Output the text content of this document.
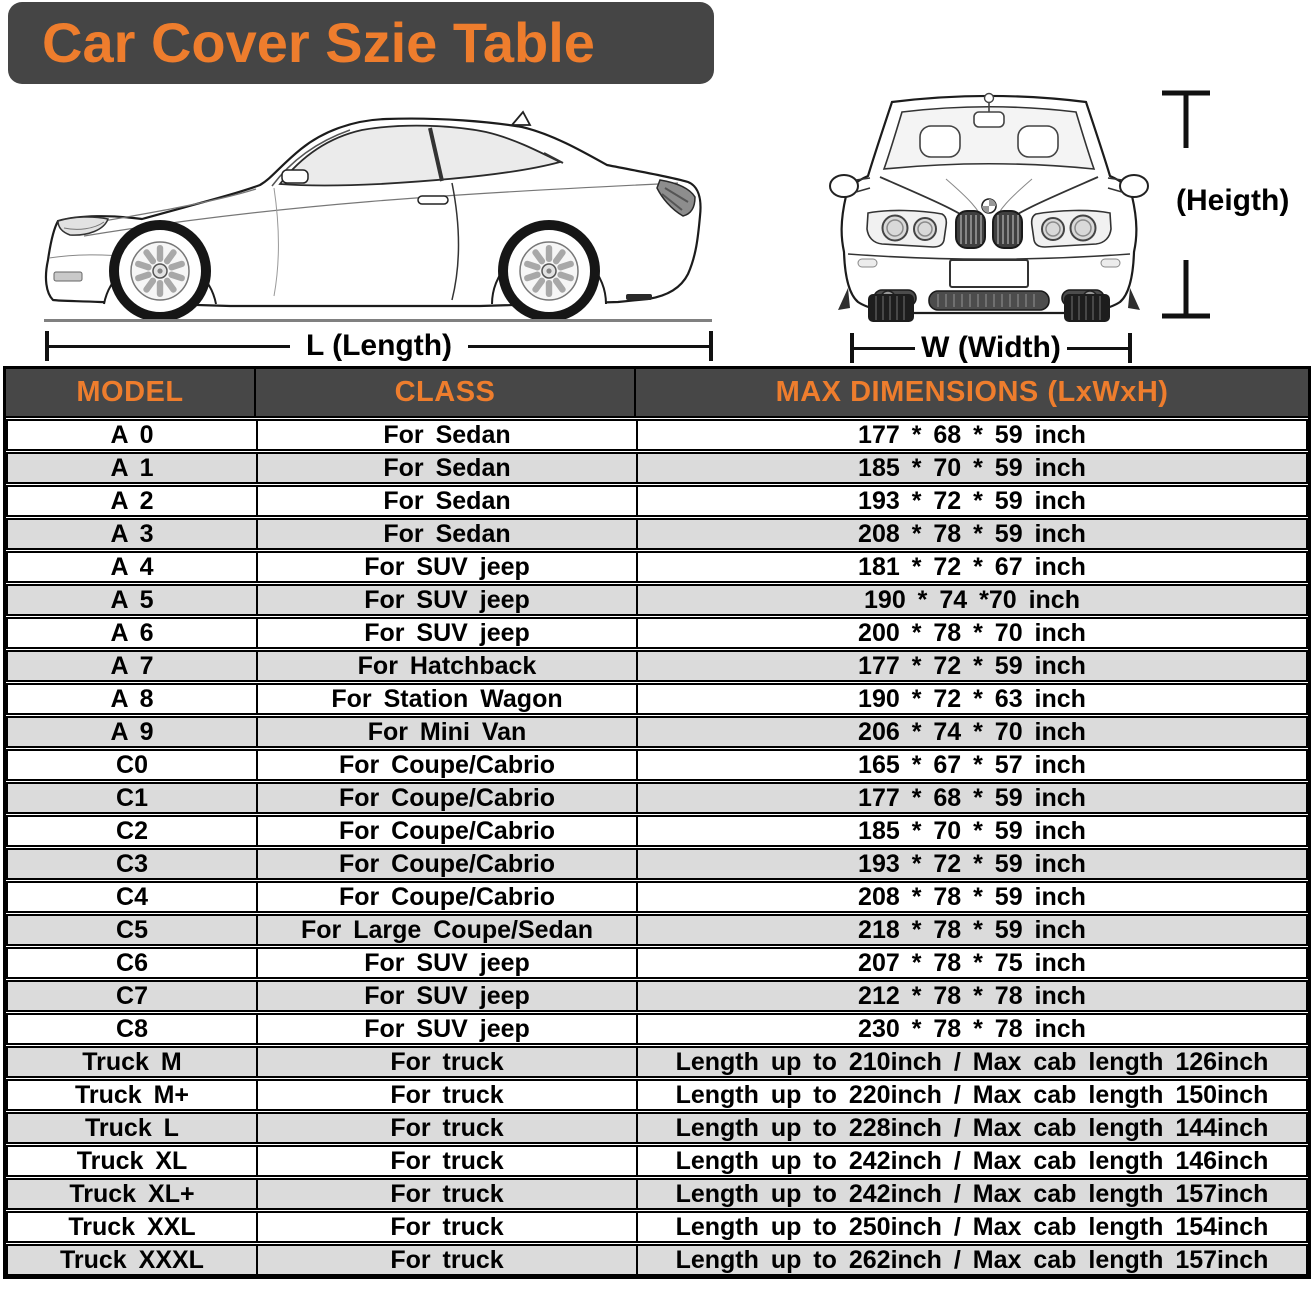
Car Cover Szie Table
L (Length)	W (Width)
(Heigth)
MODEL	CLASS	MAX DIMENSIONS (LxWxH)
A 0	For Sedan	177 * 68 * 59 inch
A 1	For Sedan	185 * 70 * 59 inch
A 2	For Sedan	193 * 72 * 59 inch
A 3	For Sedan	208 * 78 * 59 inch
A 4	For SUV jeep	181 * 72 * 67 inch
A 5	For SUV jeep	190 * 74 *70 inch
A 6	For SUV jeep	200 * 78 * 70 inch
A 7	For Hatchback	177 * 72 * 59 inch
A 8	For Station Wagon	190 * 72 * 63 inch
A 9	For Mini Van	206 * 74 * 70 inch
C0	For Coupe/Cabrio	165 * 67 * 57 inch
C1	For Coupe/Cabrio	177 * 68 * 59 inch
C2	For Coupe/Cabrio	185 * 70 * 59 inch
C3	For Coupe/Cabrio	193 * 72 * 59 inch
C4	For Coupe/Cabrio	208 * 78 * 59 inch
C5	For Large Coupe/Sedan	218 * 78 * 59 inch
C6	For SUV jeep	207 * 78 * 75 inch
C7	For SUV jeep	212 * 78 * 78 inch
C8	For SUV jeep	230 * 78 * 78 inch
Truck M	For truck	Length up to 210inch / Max cab length 126inch
Truck M+	For truck	Length up to 220inch / Max cab length 150inch
Truck L	For truck	Length up to 228inch / Max cab length 144inch
Truck XL	For truck	Length up to 242inch / Max cab length 146inch
Truck XL+	For truck	Length up to 242inch / Max cab length 157inch
Truck XXL	For truck	Length up to 250inch / Max cab length 154inch
Truck XXXL	For truck	Length up to 262inch / Max cab length 157inch
